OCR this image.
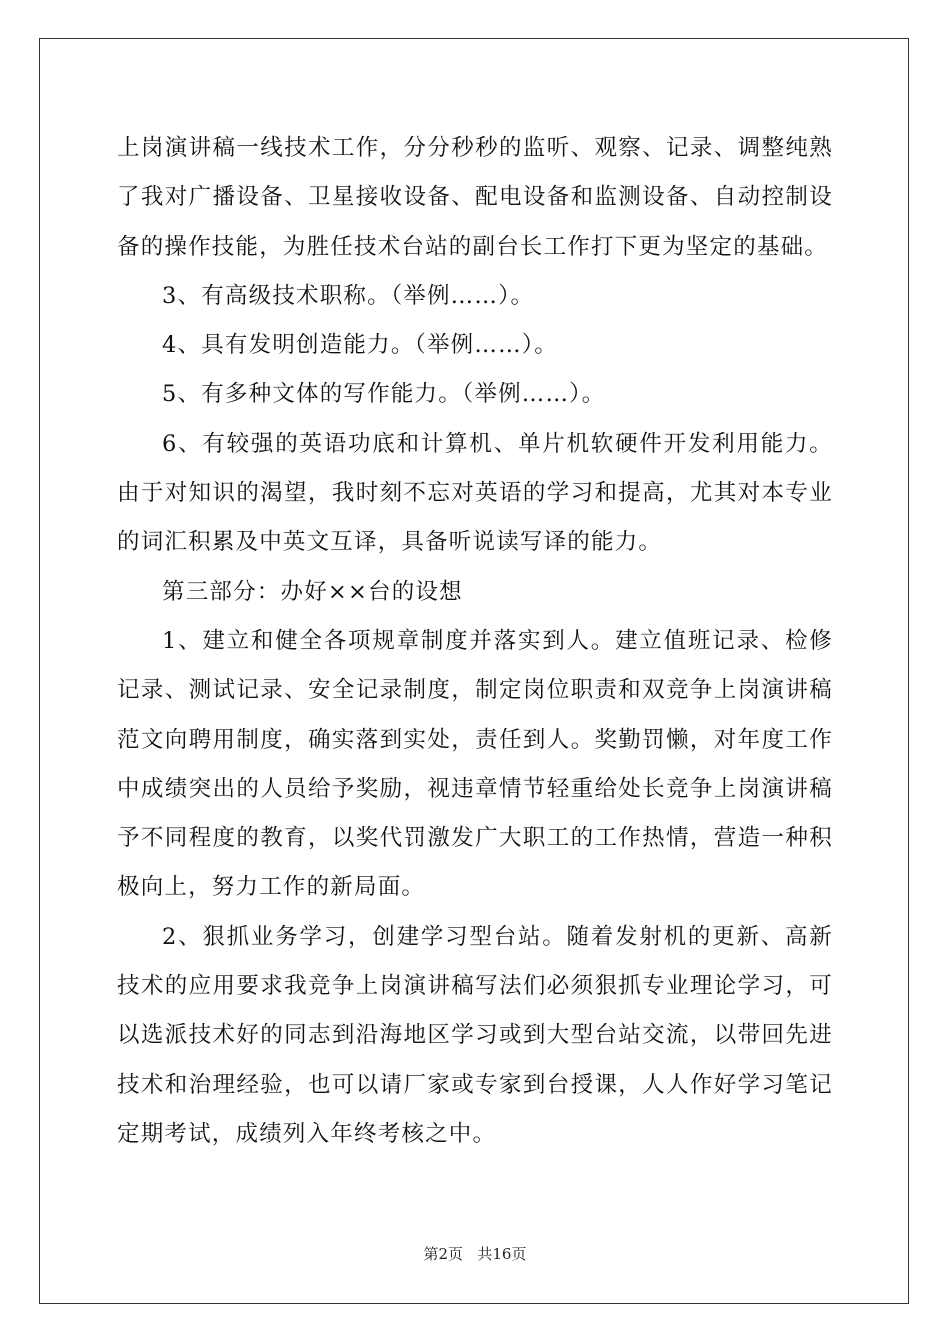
上岗演讲稿一线技术工作，分分秒秒的监听、观察、记录、调整纯熟了我对广播设备、卫星接收设备、配电设备和监测设备、自动控制设备的操作技能，为胜任技术台站的副台长工作打下更为坚定的基础。

3、有高级技术职称。（举例……）。

4、具有发明创造能力。（举例……）。

5、有多种文体的写作能力。（举例……）。

6、有较强的英语功底和计算机、单片机软硬件开发利用能力。由于对知识的渴望，我时刻不忘对英语的学习和提高，尤其对本专业的词汇积累及中英文互译，具备听说读写译的能力。

第三部分：办好××台的设想

1、建立和健全各项规章制度并落实到人。建立值班记录、检修记录、测试记录、安全记录制度，制定岗位职责和双竞争上岗演讲稿范文向聘用制度，确实落到实处，责任到人。奖勤罚懒，对年度工作中成绩突出的人员给予奖励，视违章情节轻重给处长竞争上岗演讲稿予不同程度的教育，以奖代罚激发广大职工的工作热情，营造一种积极向上，努力工作的新局面。

2、狠抓业务学习，创建学习型台站。随着发射机的更新、高新技术的应用要求我竞争上岗演讲稿写法们必须狠抓专业理论学习，可以选派技术好的同志到沿海地区学习或到大型台站交流，以带回先进技术和治理经验，也可以请厂家或专家到台授课，人人作好学习笔记定期考试，成绩列入年终考核之中。

第2页 共16页
